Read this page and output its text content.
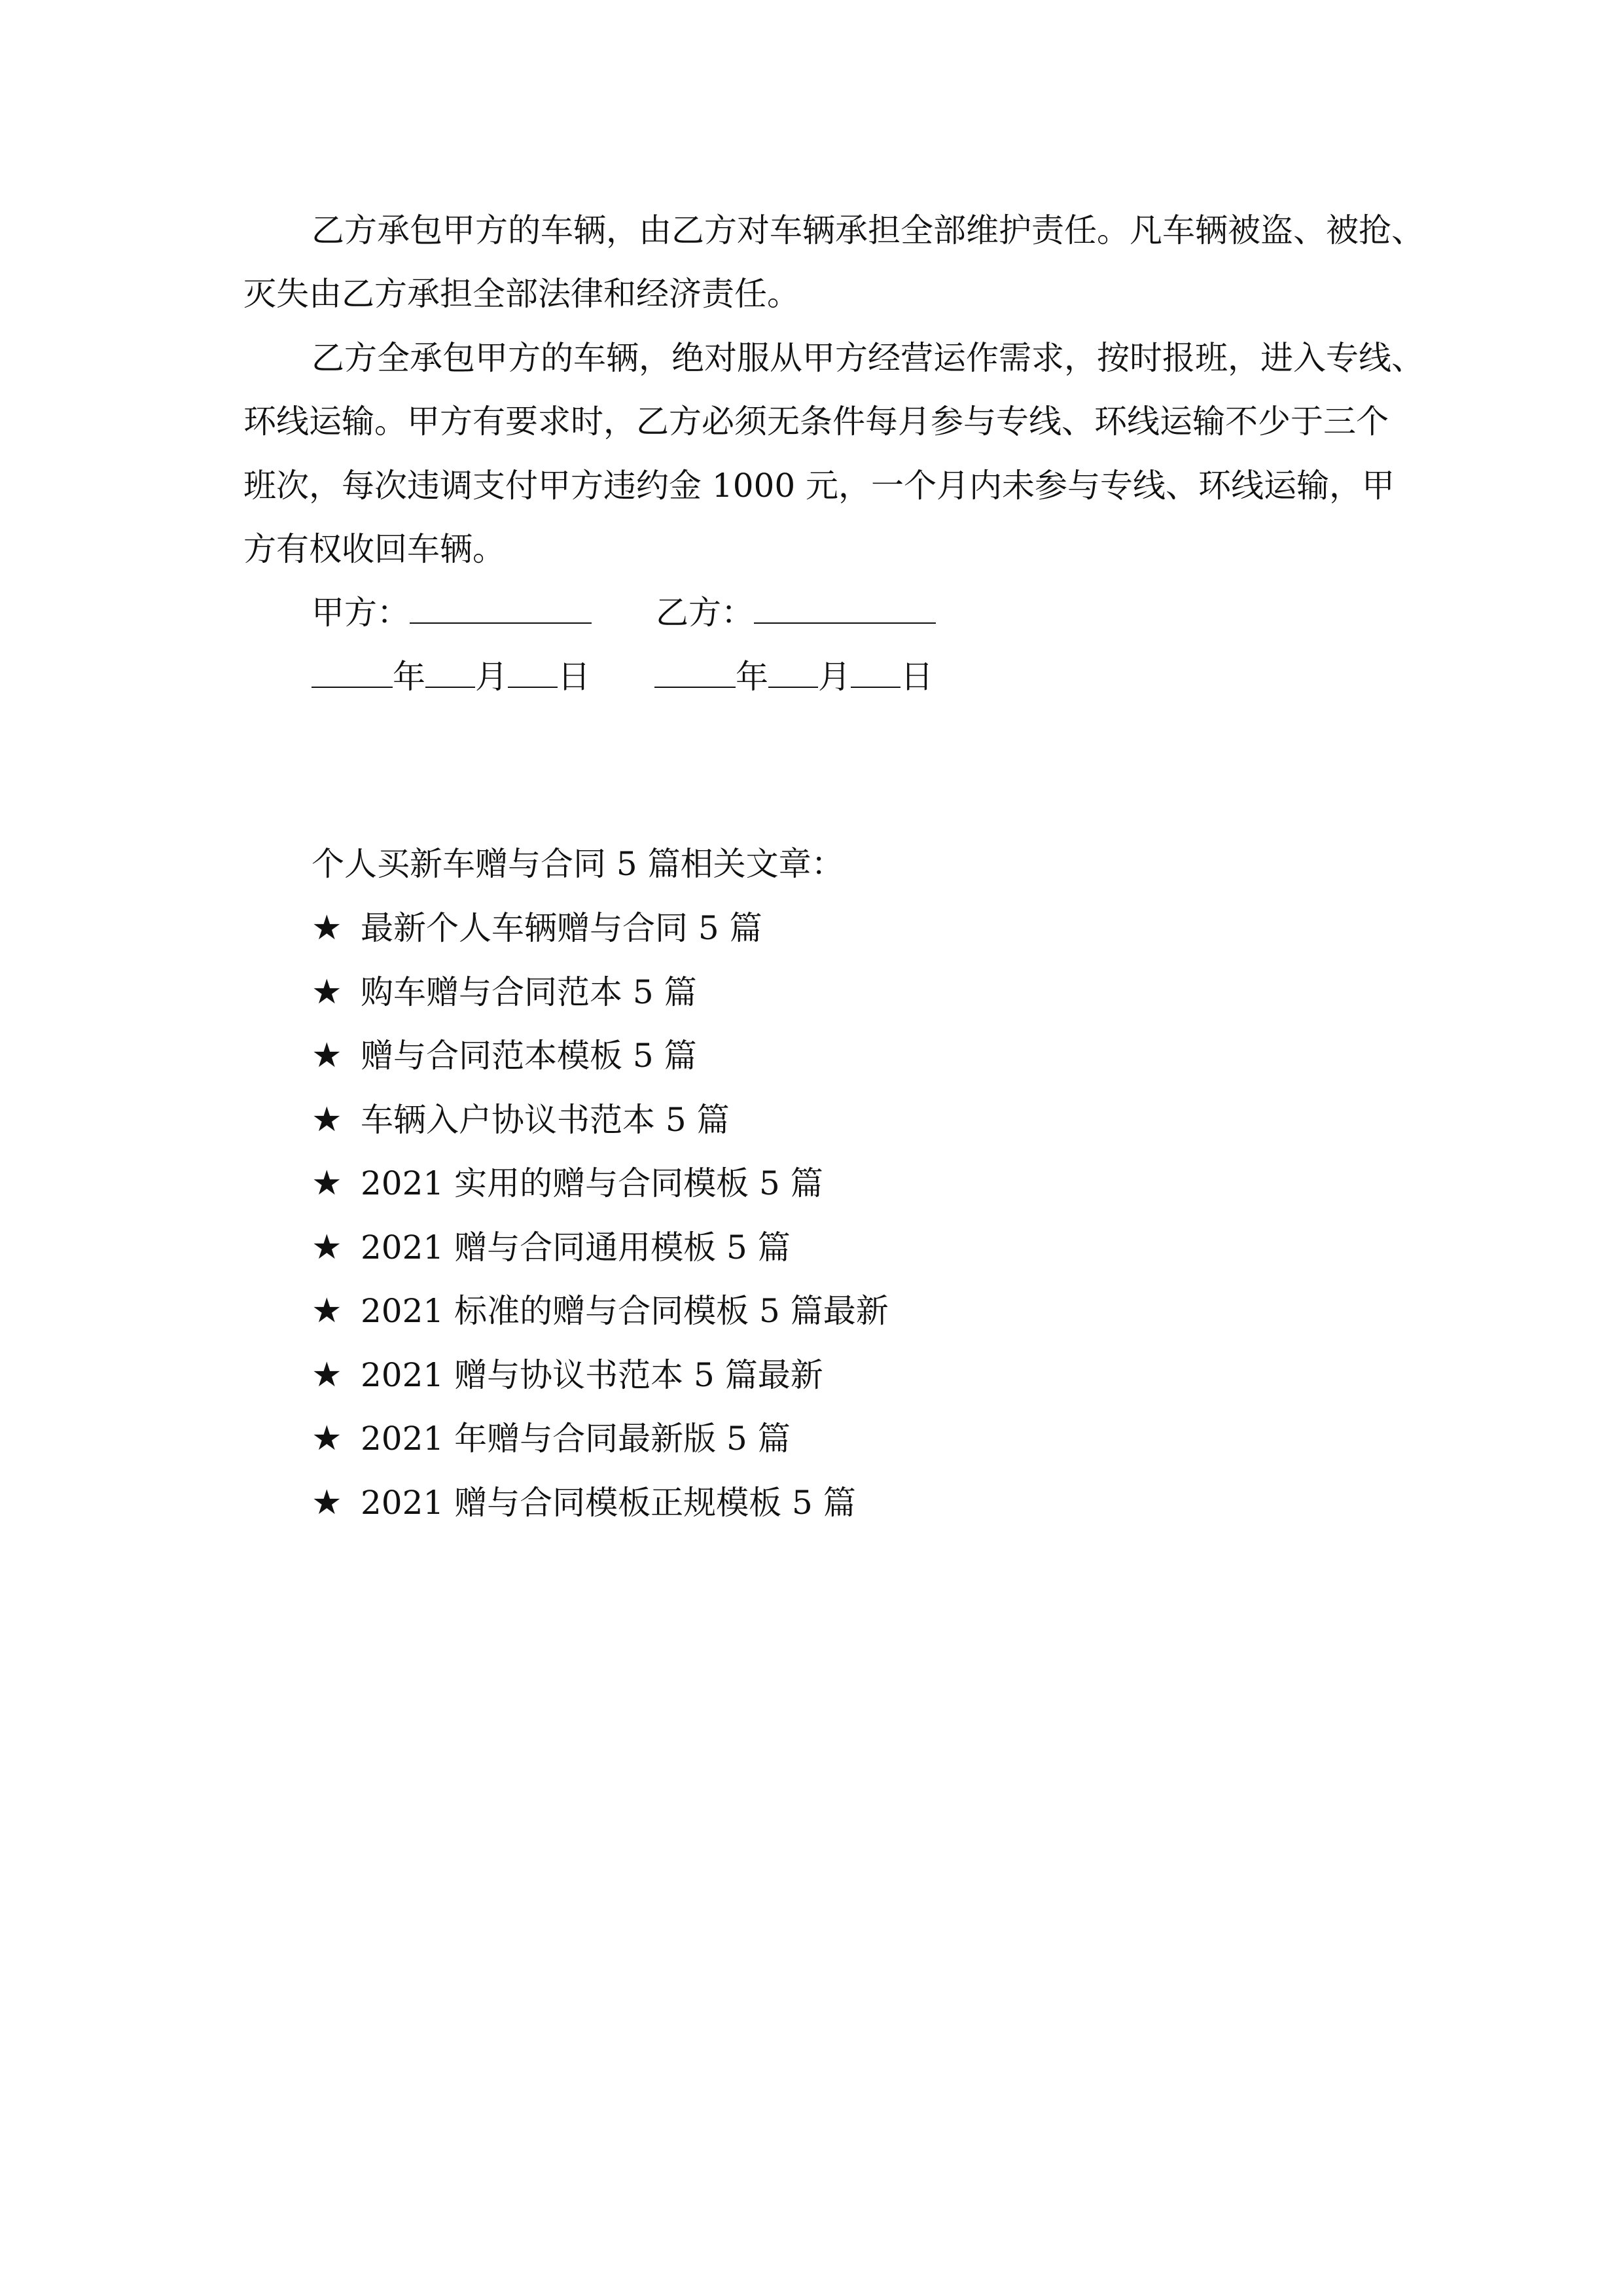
乙方承包甲方的车辆，由乙方对车辆承担全部维护责任。凡车辆被盗、被抢、
灭失由乙方承担全部法律和经济责任。
乙方全承包甲方的车辆，绝对服从甲方经营运作需求，按时报班，进入专线、
环线运输。甲方有要求时，乙方必须无条件每月参与专线、环线运输不少于三个
班次，每次违调支付甲方违约金 1000 元，一个月内未参与专线、环线运输，甲
方有权收回车辆。
甲方：	乙方：
年 月 日	年 月 日
个人买新车赠与合同 5 篇相关文章：
★ 最新个人车辆赠与合同 5 篇
★ 购车赠与合同范本 5 篇
★ 赠与合同范本模板 5 篇
★ 车辆入户协议书范本 5 篇
★ 2021 实用的赠与合同模板 5 篇
★ 2021 赠与合同通用模板 5 篇
★ 2021 标准的赠与合同模板 5 篇最新
★ 2021 赠与协议书范本 5 篇最新
★ 2021 年赠与合同最新版 5 篇
★ 2021 赠与合同模板正规模板 5 篇
